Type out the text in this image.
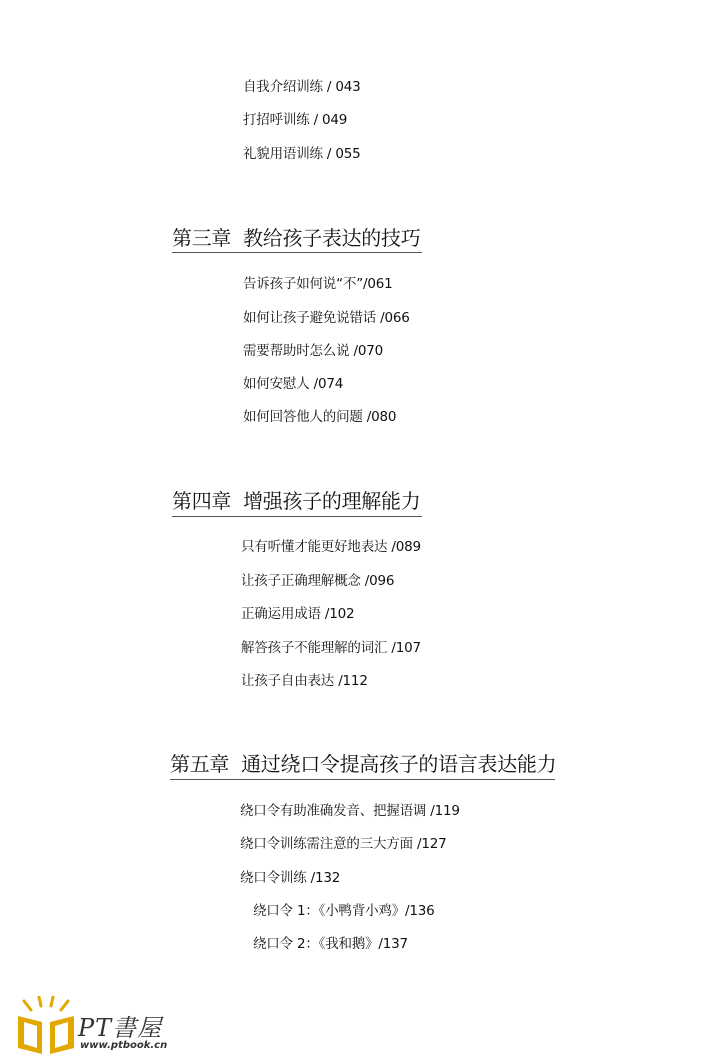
自我介绍训练 / 043
打招呼训练 / 049
礼貌用语训练 / 055
第三章 教给孩子表达的技巧
告诉孩子如何说“不”/061
如何让孩子避免说错话 /066
需要帮助时怎么说 /070
如何安慰人 /074
如何回答他人的问题 /080
第四章 增强孩子的理解能力
只有听懂才能更好地表达 /089
让孩子正确理解概念 /096
正确运用成语 /102
解答孩子不能理解的词汇 /107
让孩子自由表达 /112
第五章 通过绕口令提高孩子的语言表达能力
绕口令有助准确发音、把握语调 /119
绕口令训练需注意的三大方面 /127
绕口令训练 /132
绕口令 1：《小鸭背小鸡》/136
绕口令 2：《我和鹅》/137
PT書屋
www.ptbook.cn
